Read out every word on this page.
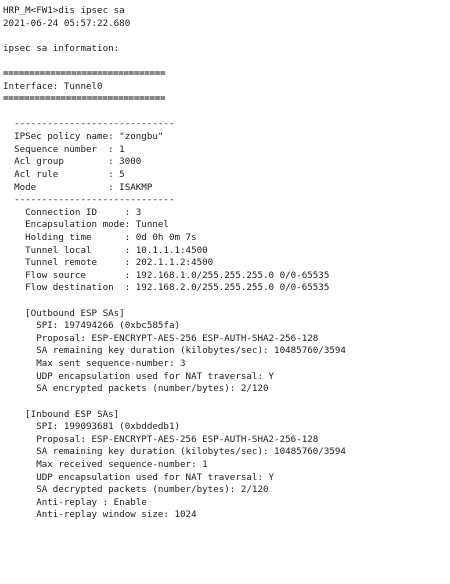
HRP_M<FW1>dis ipsec sa
2021-06-24 05:57:22.680
ipsec sa information:
===============================
Interface: Tunnel0
===============================
-----------------------------
IPSec policy name: "zongbu"
Sequence number  : 1
Acl group        : 3000
Acl rule         : 5
Mode             : ISAKMP
-----------------------------
Connection ID     : 3
Encapsulation mode: Tunnel
Holding time      : 0d 0h 0m 7s
Tunnel local      : 10.1.1.1:4500
Tunnel remote     : 202.1.1.2:4500
Flow source       : 192.168.1.0/255.255.255.0 0/0-65535
Flow destination  : 192.168.2.0/255.255.255.0 0/0-65535
[Outbound ESP SAs]
SPI: 197494266 (0xbc585fa)
Proposal: ESP-ENCRYPT-AES-256 ESP-AUTH-SHA2-256-128
SA remaining key duration (kilobytes/sec): 10485760/3594
Max sent sequence-number: 3
UDP encapsulation used for NAT traversal: Y
SA encrypted packets (number/bytes): 2/120
[Inbound ESP SAs]
SPI: 199093681 (0xbddedb1)
Proposal: ESP-ENCRYPT-AES-256 ESP-AUTH-SHA2-256-128
SA remaining key duration (kilobytes/sec): 10485760/3594
Max received sequence-number: 1
UDP encapsulation used for NAT traversal: Y
SA decrypted packets (number/bytes): 2/120
Anti-replay : Enable
Anti-replay window size: 1024
